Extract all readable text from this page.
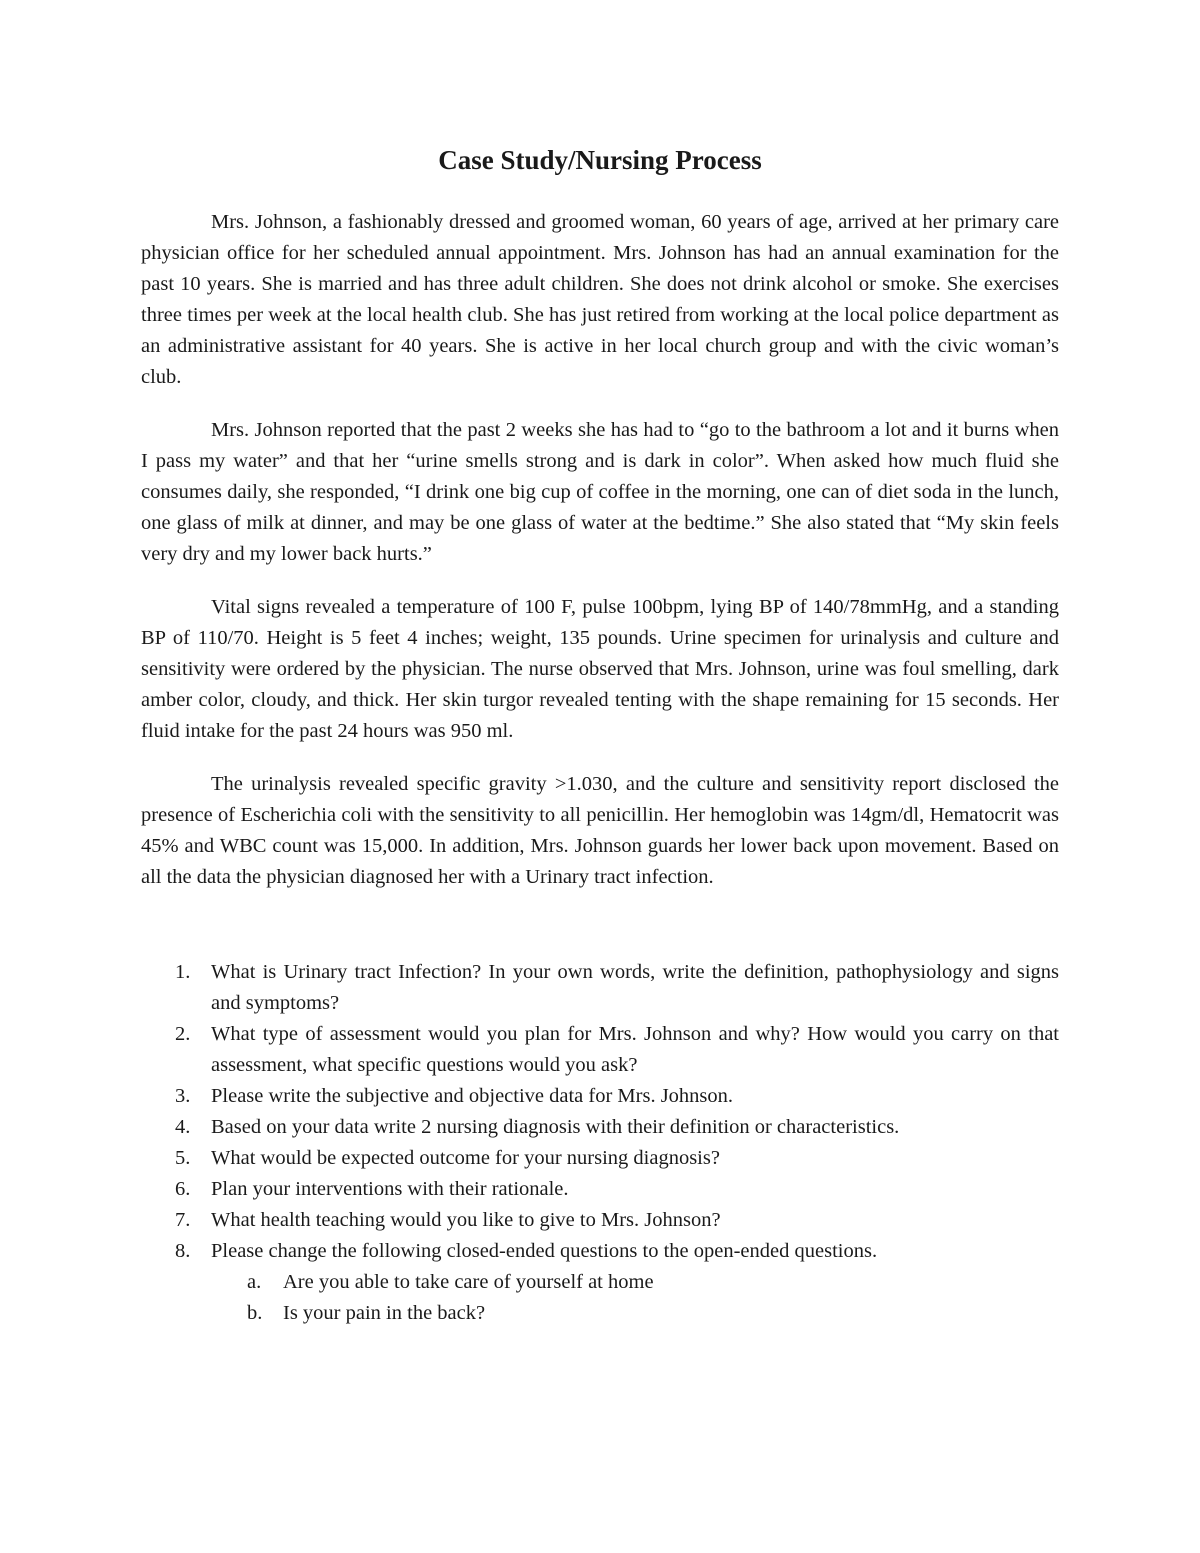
Case Study/Nursing Process

Mrs. Johnson, a fashionably dressed and groomed woman, 60 years of age, arrived at her primary care physician office for her scheduled annual appointment. Mrs. Johnson has had an annual examination for the past 10 years. She is married and has three adult children. She does not drink alcohol or smoke. She exercises three times per week at the local health club. She has just retired from working at the local police department as an administrative assistant for 40 years. She is active in her local church group and with the civic woman’s club.

Mrs. Johnson reported that the past 2 weeks she has had to “go to the bathroom a lot and it burns when I pass my water” and that her “urine smells strong and is dark in color”. When asked how much fluid she consumes daily, she responded, “I drink one big cup of coffee in the morning, one can of diet soda in the lunch, one glass of milk at dinner, and may be one glass of water at the bedtime.” She also stated that “My skin feels very dry and my lower back hurts.”

Vital signs revealed a temperature of 100 F, pulse 100bpm, lying BP of 140/78mmHg, and a standing BP of 110/70. Height is 5 feet 4 inches; weight, 135 pounds. Urine specimen for urinalysis and culture and sensitivity were ordered by the physician. The nurse observed that Mrs. Johnson, urine was foul smelling, dark amber color, cloudy, and thick. Her skin turgor revealed tenting with the shape remaining for 15 seconds. Her fluid intake for the past 24 hours was 950 ml.

The urinalysis revealed specific gravity >1.030, and the culture and sensitivity report disclosed the presence of Escherichia coli with the sensitivity to all penicillin. Her hemoglobin was 14gm/dl, Hematocrit was 45% and WBC count was 15,000. In addition, Mrs. Johnson guards her lower back upon movement. Based on all the data the physician diagnosed her with a Urinary tract infection.

1. What is Urinary tract Infection? In your own words, write the definition, pathophysiology and signs and symptoms?
2. What type of assessment would you plan for Mrs. Johnson and why? How would you carry on that assessment, what specific questions would you ask?
3. Please write the subjective and objective data for Mrs. Johnson.
4. Based on your data write 2 nursing diagnosis with their definition or characteristics.
5. What would be expected outcome for your nursing diagnosis?
6. Plan your interventions with their rationale.
7. What health teaching would you like to give to Mrs. Johnson?
8. Please change the following closed-ended questions to the open-ended questions.
a. Are you able to take care of yourself at home
b. Is your pain in the back?
